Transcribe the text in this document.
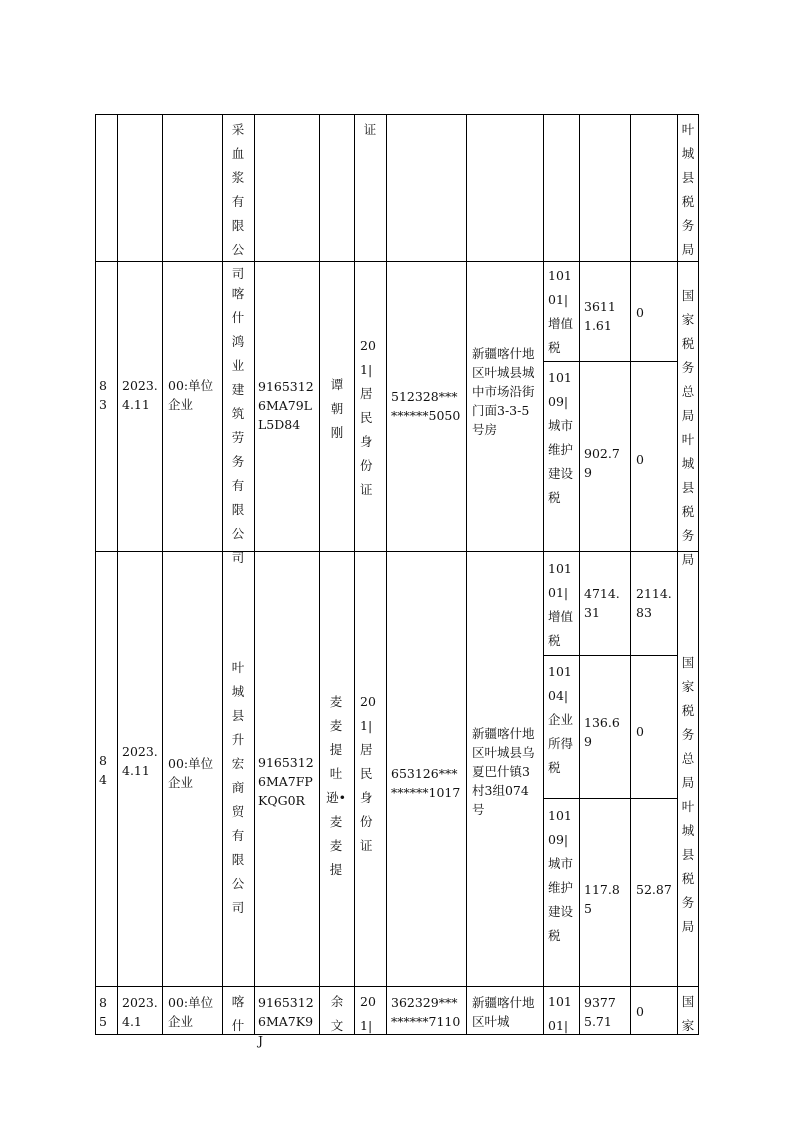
采血浆有限公司
证	叶城县税务局
83
2023.4.11
00:单位企业
喀什鸿业建筑劳务有限公司
91653126MA79LL5D84
谭朝刚
201|居民身份证
512328*********5050
新疆喀什地区叶城县城中市场沿街门面3-3-5号房
10101|增值税
36111.61
0
10109|城市维护建设税
902.79
0
国家税务总局叶城县税务局
84
2023.4.11	00:单位企业
叶城县升宏商贸有限公司
91653126MA7FPKQG0R
麦麦提吐逊•麦麦提
201|居民身份证
653126*********1017
新疆喀什地区叶城县乌夏巴什镇3村3组074号
10101|增值税
4714.31
2114.83
10104|企业所得税
136.69
0
10109|城市维护建设税
117.85
52.87
国家税务总局叶城县税务局
85
2023.4.1
00:单位企业
喀什
91653126MA7K9J
余文
201|
362329*********7110
新疆喀什地区叶城
10101|
93775.71
0
国家
